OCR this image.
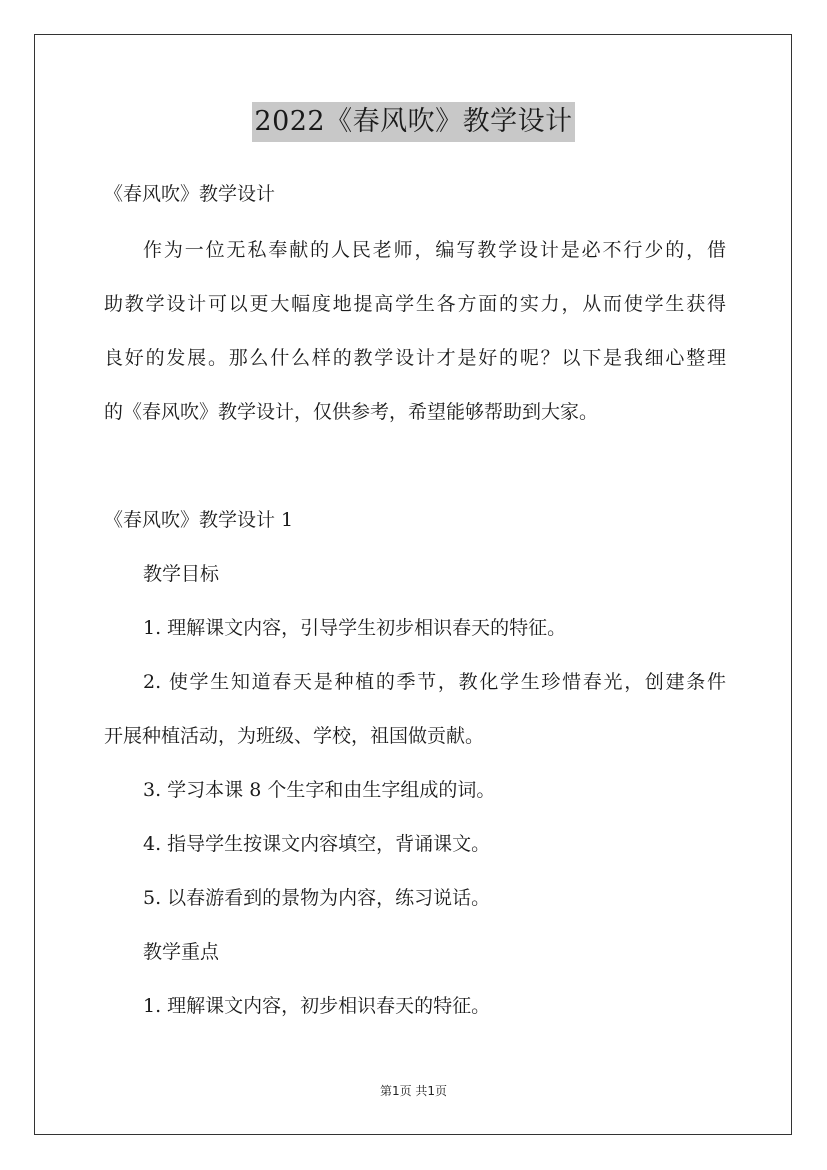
2022《春风吹》教学设计
《春风吹》教学设计
作为一位无私奉献的人民老师，编写教学设计是必不行少的，借
助教学设计可以更大幅度地提高学生各方面的实力，从而使学生获得
良好的发展。那么什么样的教学设计才是好的呢？以下是我细心整理
的《春风吹》教学设计，仅供参考，希望能够帮助到大家。
《春风吹》教学设计 1
教学目标
1. 理解课文内容，引导学生初步相识春天的特征。
2. 使学生知道春天是种植的季节，教化学生珍惜春光，创建条件
开展种植活动，为班级、学校，祖国做贡献。
3. 学习本课 8 个生字和由生字组成的词。
4. 指导学生按课文内容填空，背诵课文。
5. 以春游看到的景物为内容，练习说话。
教学重点
1. 理解课文内容，初步相识春天的特征。
第1页 共1页
